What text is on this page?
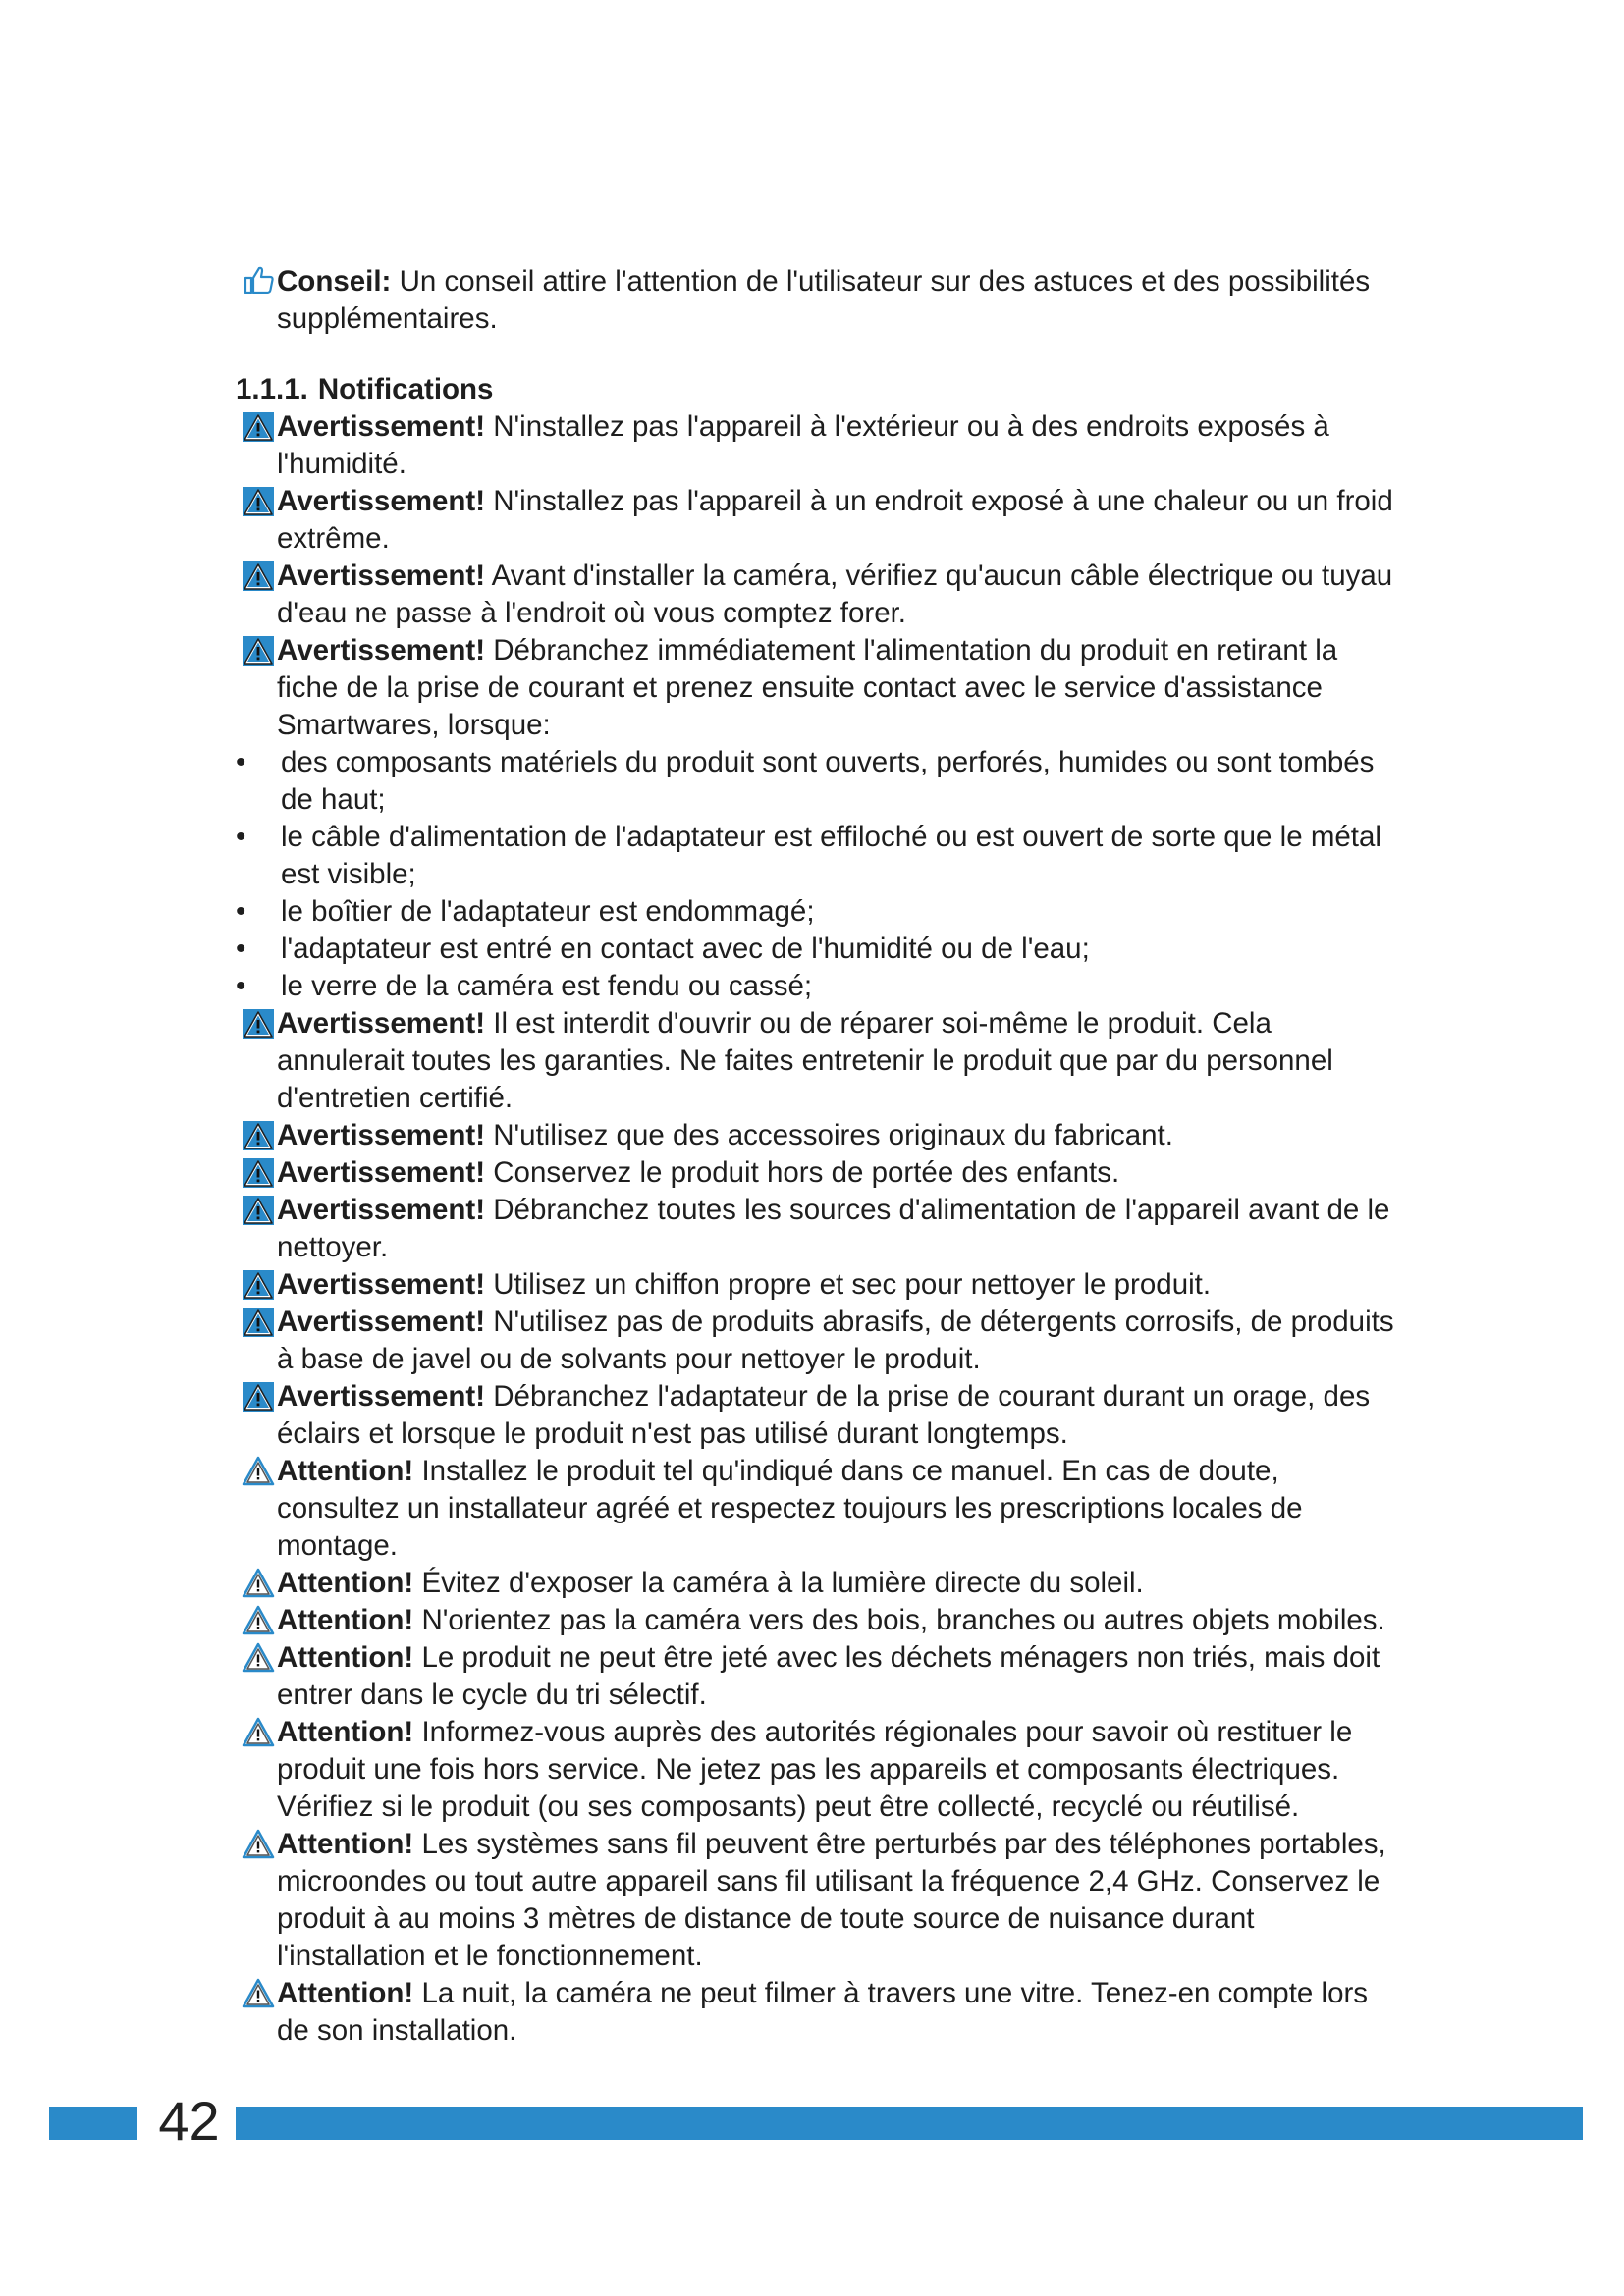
Conseil: Un conseil attire l'attention de l'utilisateur sur des astuces et des possibilités supplémentaires.
1.1.1. Notifications
Avertissement! N'installez pas l'appareil à l'extérieur ou à des endroits exposés à l'humidité.
Avertissement! N'installez pas l'appareil à un endroit exposé à une chaleur ou un froid extrême.
Avertissement! Avant d'installer la caméra, vérifiez qu'aucun câble électrique ou tuyau d'eau ne passe à l'endroit où vous comptez forer.
Avertissement! Débranchez immédiatement l'alimentation du produit en retirant la fiche de la prise de courant et prenez ensuite contact avec le service d'assistance Smartwares, lorsque:
• des composants matériels du produit sont ouverts, perforés, humides ou sont tombés de haut;
• le câble d'alimentation de l'adaptateur est effiloché ou est ouvert de sorte que le métal est visible;
• le boîtier de l'adaptateur est endommagé;
• l'adaptateur est entré en contact avec de l'humidité ou de l'eau;
• le verre de la caméra est fendu ou cassé;
Avertissement! Il est interdit d'ouvrir ou de réparer soi-même le produit. Cela annulerait toutes les garanties. Ne faites entretenir le produit que par du personnel d'entretien certifié.
Avertissement! N'utilisez que des accessoires originaux du fabricant.
Avertissement! Conservez le produit hors de portée des enfants.
Avertissement! Débranchez toutes les sources d'alimentation de l'appareil avant de le nettoyer.
Avertissement! Utilisez un chiffon propre et sec pour nettoyer le produit.
Avertissement! N'utilisez pas de produits abrasifs, de détergents corrosifs, de produits à base de javel ou de solvants pour nettoyer le produit.
Avertissement! Débranchez l'adaptateur de la prise de courant durant un orage, des éclairs et lorsque le produit n'est pas utilisé durant longtemps.
Attention! Installez le produit tel qu'indiqué dans ce manuel. En cas de doute, consultez un installateur agréé et respectez toujours les prescriptions locales de montage.
Attention! Évitez d'exposer la caméra à la lumière directe du soleil.
Attention! N'orientez pas la caméra vers des bois, branches ou autres objets mobiles.
Attention! Le produit ne peut être jeté avec les déchets ménagers non triés, mais doit entrer dans le cycle du tri sélectif.
Attention! Informez-vous auprès des autorités régionales pour savoir où restituer le produit une fois hors service. Ne jetez pas les appareils et composants électriques. Vérifiez si le produit (ou ses composants) peut être collecté, recyclé ou réutilisé.
Attention! Les systèmes sans fil peuvent être perturbés par des téléphones portables, microondes ou tout autre appareil sans fil utilisant la fréquence 2,4 GHz. Conservez le produit à au moins 3 mètres de distance de toute source de nuisance durant l'installation et le fonctionnement.
Attention! La nuit, la caméra ne peut filmer à travers une vitre. Tenez-en compte lors de son installation.
42
